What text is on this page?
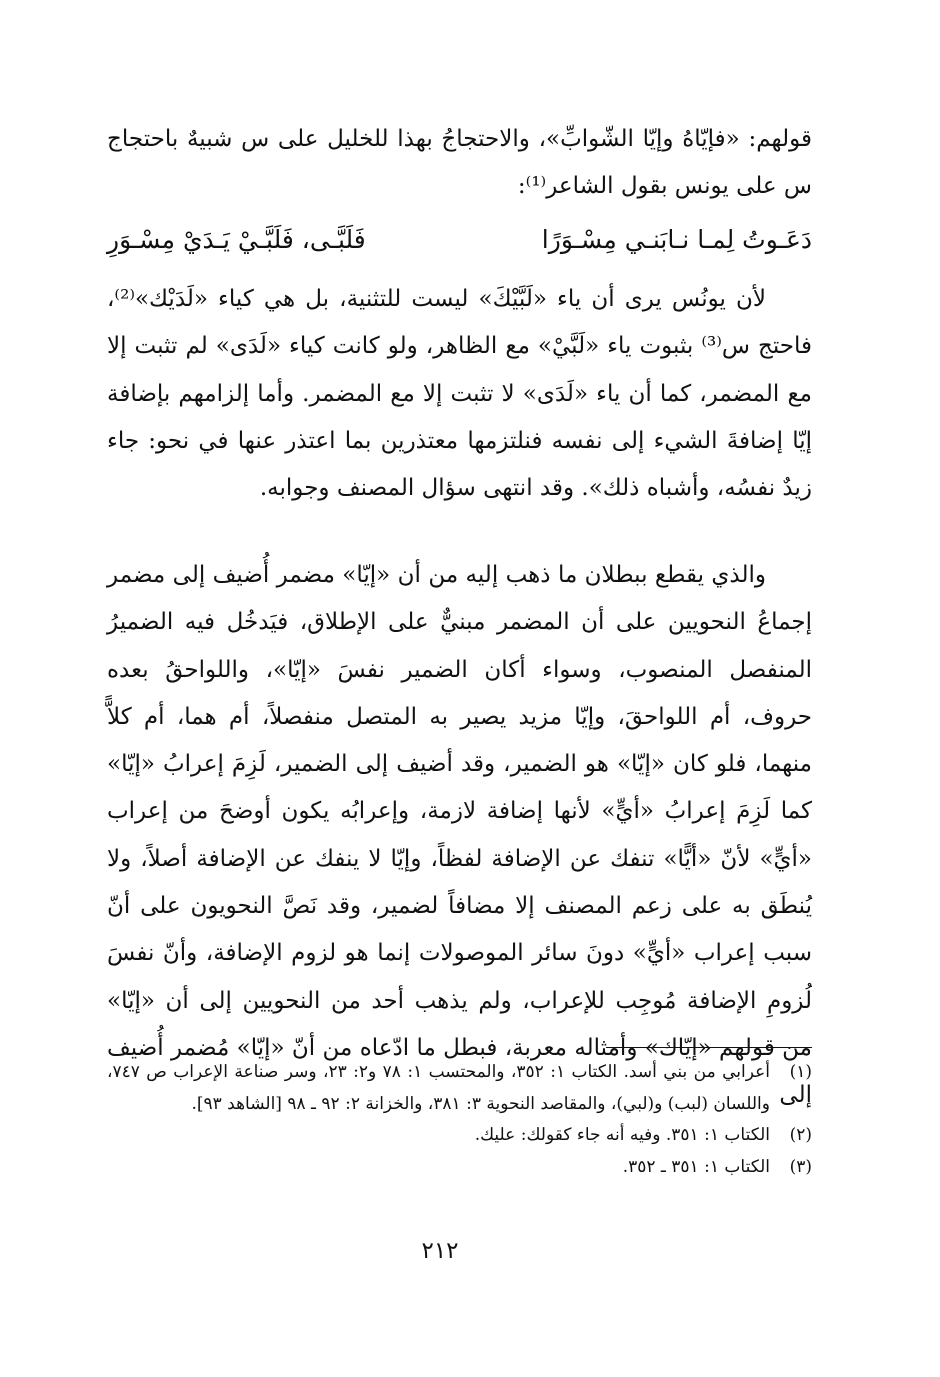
قولهم: «فإيّاهُ وإيّا الشّوابِّ»، والاحتجاجُ بهذا للخليل على س شبيهٌ باحتجاج س على يونس بقول الشاعر⁽¹⁾:

دَعَـوتُ لِمـا نـابَنـي مِسْـوَرًا
فَلَبَّـى، فَلَبَّـيْ يَـدَيْ مِسْـوَرِ

لأن يونُس يرى أن ياء «لَبَّيْكَ» ليست للتثنية، بل هي كياء «لَدَيْك»⁽²⁾، فاحتج س⁽³⁾ بثبوت ياء «لَبَّيْ» مع الظاهر، ولو كانت كياء «لَدَى» لم تثبت إلا مع المضمر، كما أن ياء «لَدَى» لا تثبت إلا مع المضمر. وأما إلزامهم بإضافة إيّا إضافةَ الشيء إلى نفسه فنلتزمها معتذرين بما اعتذر عنها في نحو: جاء زيدٌ نفسُه، وأشباه ذلك». وقد انتهى سؤال المصنف وجوابه.

والذي يقطع ببطلان ما ذهب إليه من أن «إيّا» مضمر أُضيف إلى مضمر إجماعُ النحويين على أن المضمر مبنيٌّ على الإطلاق، فيَدخُل فيه الضميرُ المنفصل المنصوب، وسواء أكان الضمير نفسَ «إيّا»، واللواحقُ بعده حروف، أم اللواحقَ، وإيّا مزيد يصير به المتصل منفصلاً، أم هما، أم كلاًّ منهما، فلو كان «إيّا» هو الضمير، وقد أضيف إلى الضمير، لَزِمَ إعرابُ «إيّا» كما لَزِمَ إعرابُ «أيٍّ» لأنها إضافة لازمة، وإعرابُه يكون أوضحَ من إعراب «أيٍّ» لأنّ «أيًّا» تنفك عن الإضافة لفظاً، وإيّا لا ينفك عن الإضافة أصلاً، ولا يُنطَق به على زعم المصنف إلا مضافاً لضمير، وقد نَصَّ النحويون على أنّ سبب إعراب «أيٍّ» دونَ سائر الموصولات إنما هو لزوم الإضافة، وأنّ نفسَ لُزومِ الإضافة مُوجِب للإعراب، ولم يذهب أحد من النحويين إلى أن «إيّا» من قولهم «إيّاك» وأمثاله معربة، فبطل ما ادّعاه من أنّ «إيّا» مُضمر أُضيف إلى

(١)
أعرابي من بني أسد. الكتاب ١: ٣٥٢، والمحتسب ١: ٧٨ و٢: ٢٣، وسر صناعة الإعراب ص ٧٤٧، واللسان (لبب) و(لبي)، والمقاصد النحوية ٣: ٣٨١، والخزانة ٢: ٩٢ ـ ٩٨ [الشاهد ٩٣].
(٢)
الكتاب ١: ٣٥١. وفيه أنه جاء كقولك: عليك.
(٣)
الكتاب ١: ٣٥١ ـ ٣٥٢.
٢١٢
